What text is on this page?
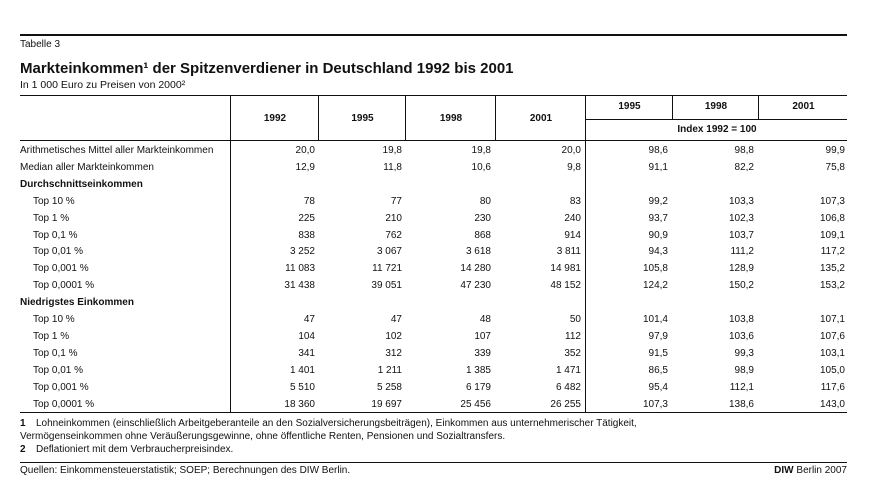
Tabelle 3
Markteinkommen¹ der Spitzenverdiener in Deutschland 1992 bis 2001
In 1 000 Euro zu Preisen von 2000²
1992	1995	1998	2001
1995	1998	2001
Index 1992 = 100
Arithmetisches Mittel aller Markteinkommen	20,0	19,8	19,8	20,0	98,6	98,8	99,9
Median aller Markteinkommen	12,9	11,8	10,6	9,8	91,1	82,2	75,8
Durchschnittseinkommen
Top 10 %	78	77	80	83	99,2	103,3	107,3
Top 1 %	225	210	230	240	93,7	102,3	106,8
Top 0,1 %	838	762	868	914	90,9	103,7	109,1
Top 0,01 %	3 252	3 067	3 618	3 811	94,3	111,2	117,2
Top 0,001 %	11 083	11 721	14 280	14 981	105,8	128,9	135,2
Top 0,0001 %	31 438	39 051	47 230	48 152	124,2	150,2	153,2
Niedrigstes Einkommen
Top 10 %	47	47	48	50	101,4	103,8	107,1
Top 1 %	104	102	107	112	97,9	103,6	107,6
Top 0,1 %	341	312	339	352	91,5	99,3	103,1
Top 0,01 %	1 401	1 211	1 385	1 471	86,5	98,9	105,0
Top 0,001 %	5 510	5 258	6 179	6 482	95,4	112,1	117,6
Top 0,0001 %	18 360	19 697	25 456	26 255	107,3	138,6	143,0
1 Lohneinkommen (einschließlich Arbeitgeberanteile an den Sozialversicherungsbeiträgen), Einkommen aus unternehmerischer Tätigkeit,
Vermögenseinkommen ohne Veräußerungsgewinne, ohne öffentliche Renten, Pensionen und Sozialtransfers.
2 Deflationiert mit dem Verbraucherpreisindex.
Quellen: Einkommensteuerstatistik; SOEP; Berechnungen des DIW Berlin.	DIW Berlin 2007
